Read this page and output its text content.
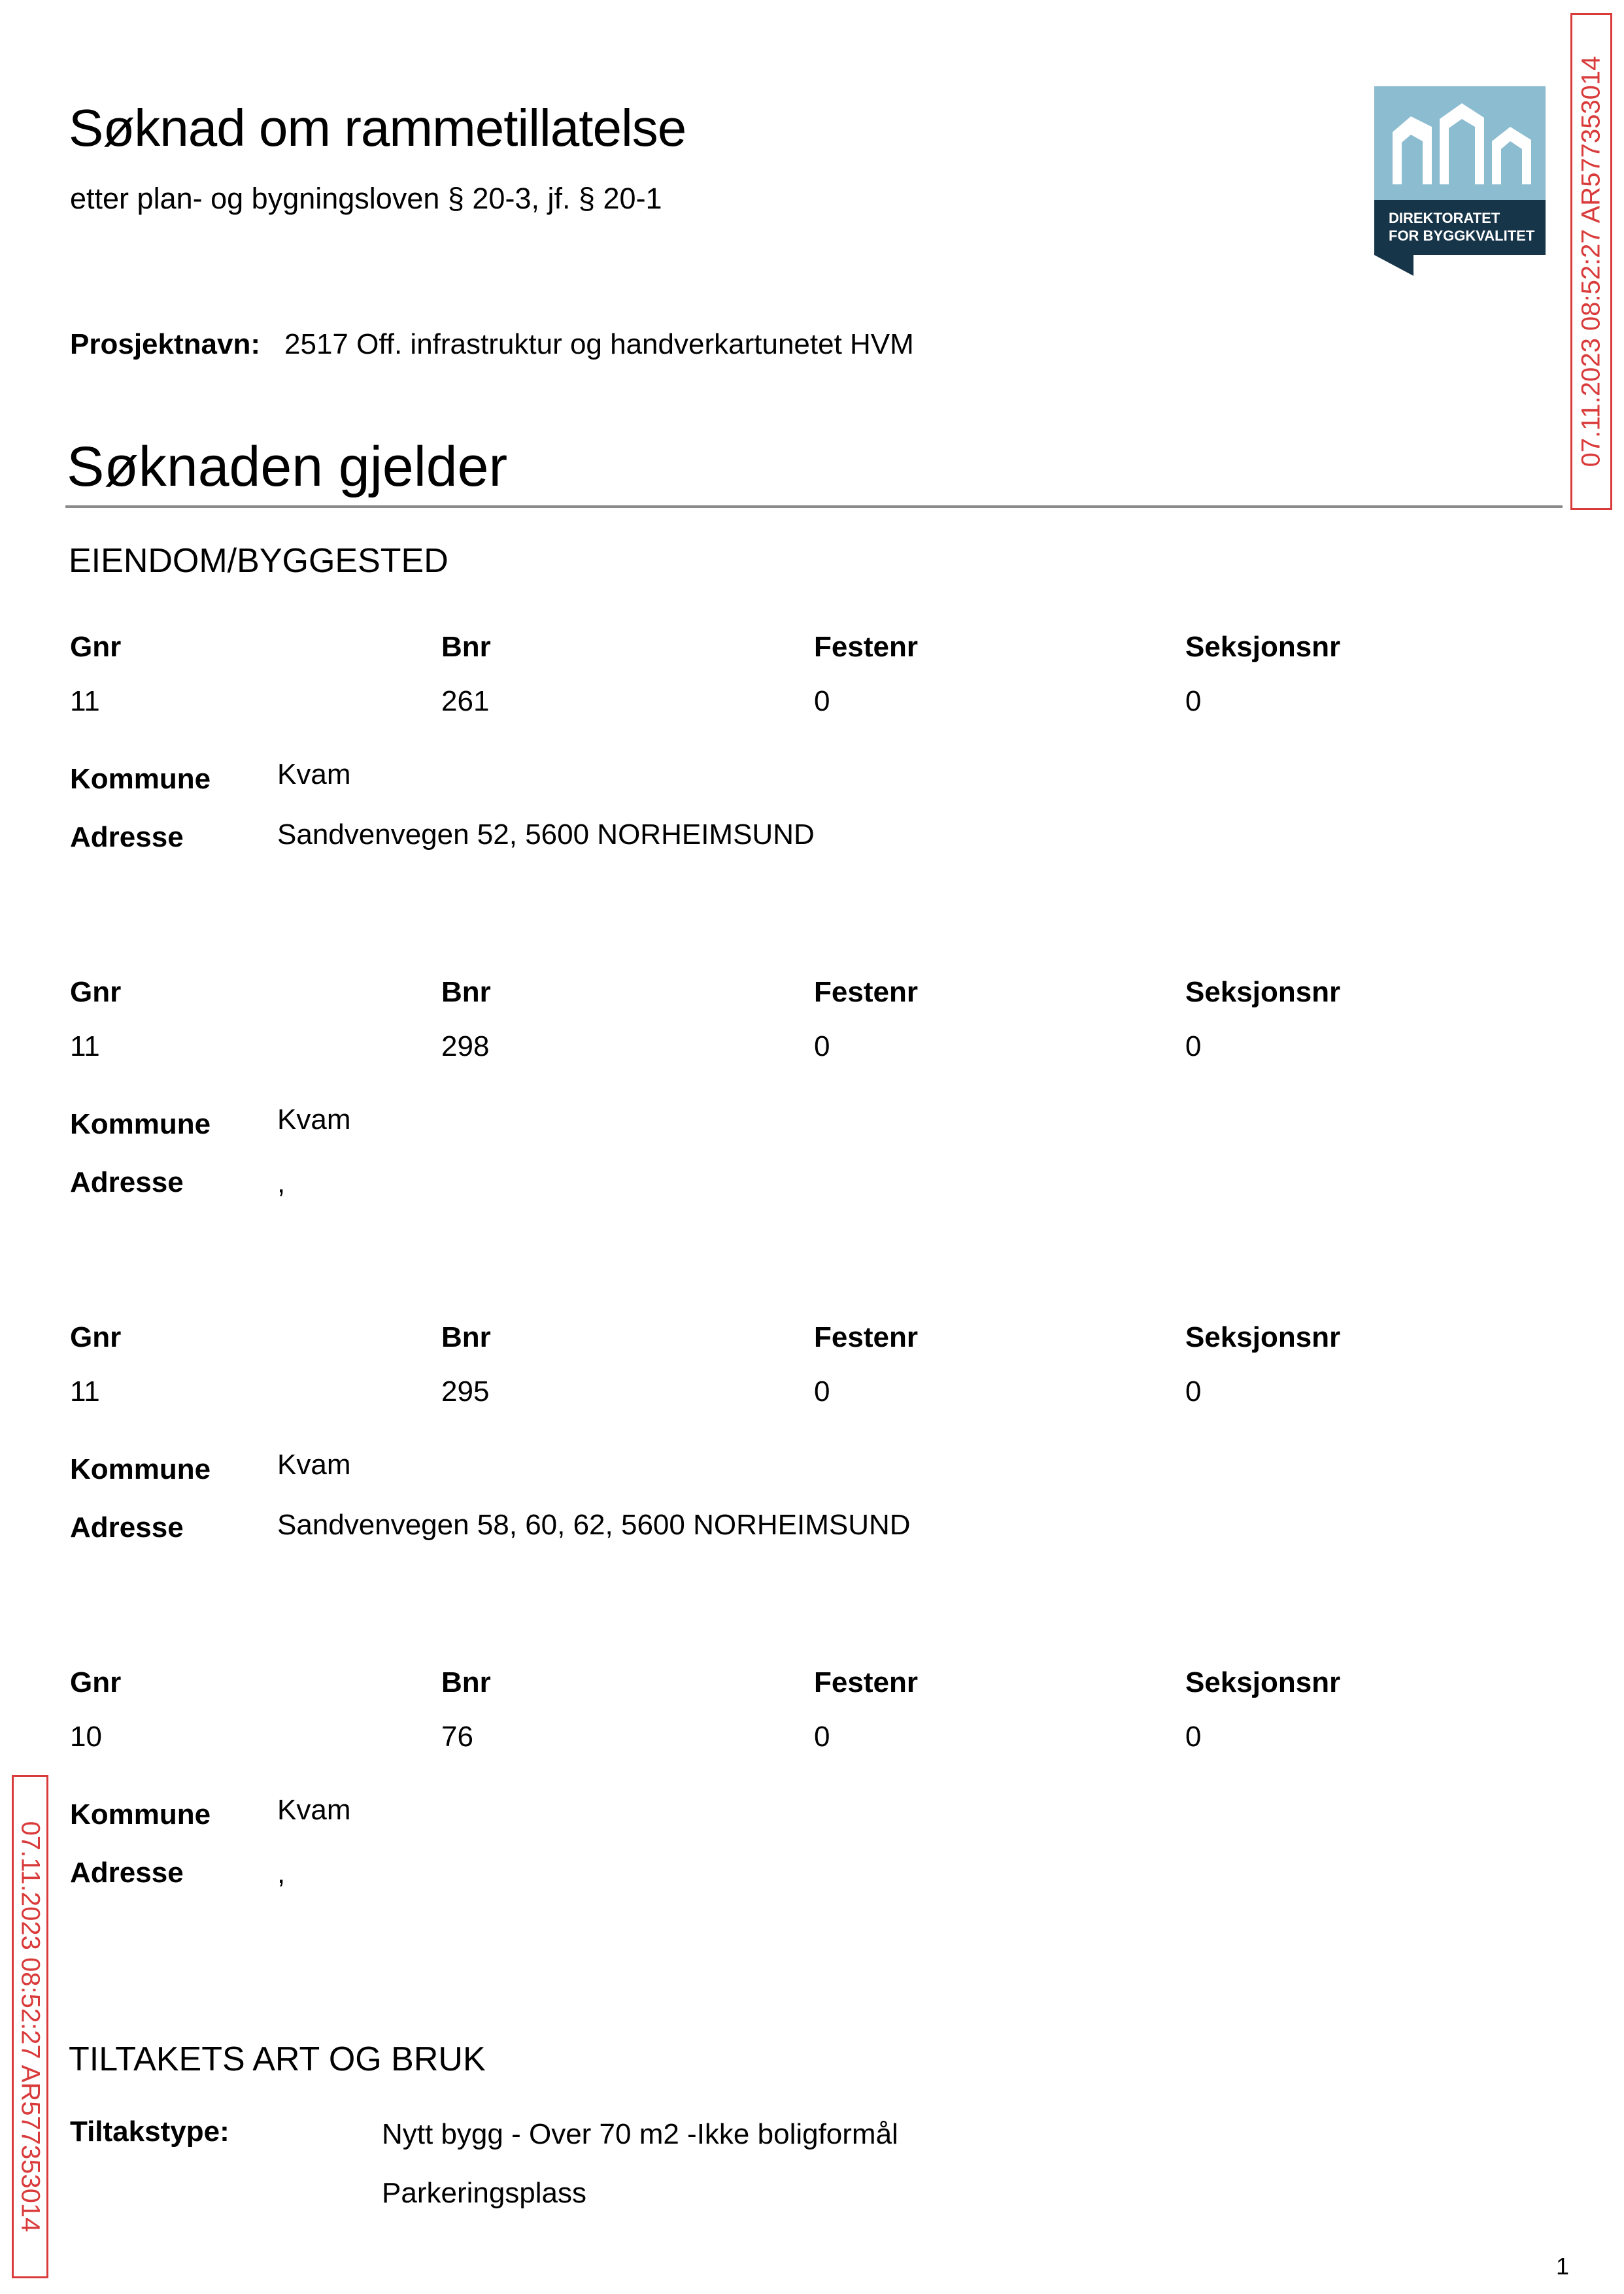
Søknad om rammetillatelse
etter plan- og bygningsloven § 20-3, jf. § 20-1
DIREKTORATET
FOR BYGGKVALITET 07.11.2023 08:52:27 AR577353014
07.11.2023 08:52:27 AR577353014
Prosjektnavn: 2517 Off. infrastruktur og handverkartunetet HVM
Søknaden gjelder
EIENDOM/BYGGESTED
Gnr	Bnr	Festenr	Seksjonsnr
11	261	0	0
Kommune Kvam
Adresse	Sandvenvegen 52, 5600 NORHEIMSUND
Gnr	Bnr	Festenr	Seksjonsnr
11	298	0	0
Kommune Kvam
Adresse	,
Gnr	Bnr	Festenr	Seksjonsnr
11	295	0	0
Kommune Kvam
Adresse	Sandvenvegen 58, 60, 62, 5600 NORHEIMSUND
Gnr	Bnr	Festenr	Seksjonsnr
10	76	0	0
Kommune Kvam
Adresse	,
TILTAKETS ART OG BRUK
Tiltakstype:	Nytt bygg - Over 70 m2 -Ikke boligformål
Parkeringsplass
1
